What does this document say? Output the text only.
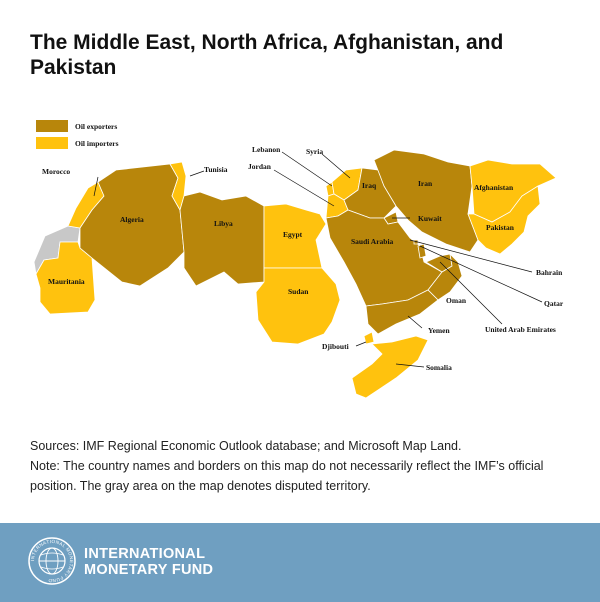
The Middle East, North Africa, Afghanistan, and Pakistan
Oil exporters
Oil importers
Morocco
Algeria
Tunisia
Libya
Egypt
Sudan
Mauritania
Lebanon	Syria
Jordan
Iraq	Iran	Afghanistan
Pakistan
Kuwait
Saudi Arabia
Bahrain
Qatar
United Arab Emirates
Oman
Yemen
Djibouti
Somalia
Sources: IMF Regional Economic Outlook database; and Microsoft Map Land.
Note: The country names and borders on this map do not necessarily reflect the IMF’s official position. The gray area on the map denotes disputed territory.
INTERNATIONAL MONETARY FUND
INTERNATIONAL
MONETARY FUND
